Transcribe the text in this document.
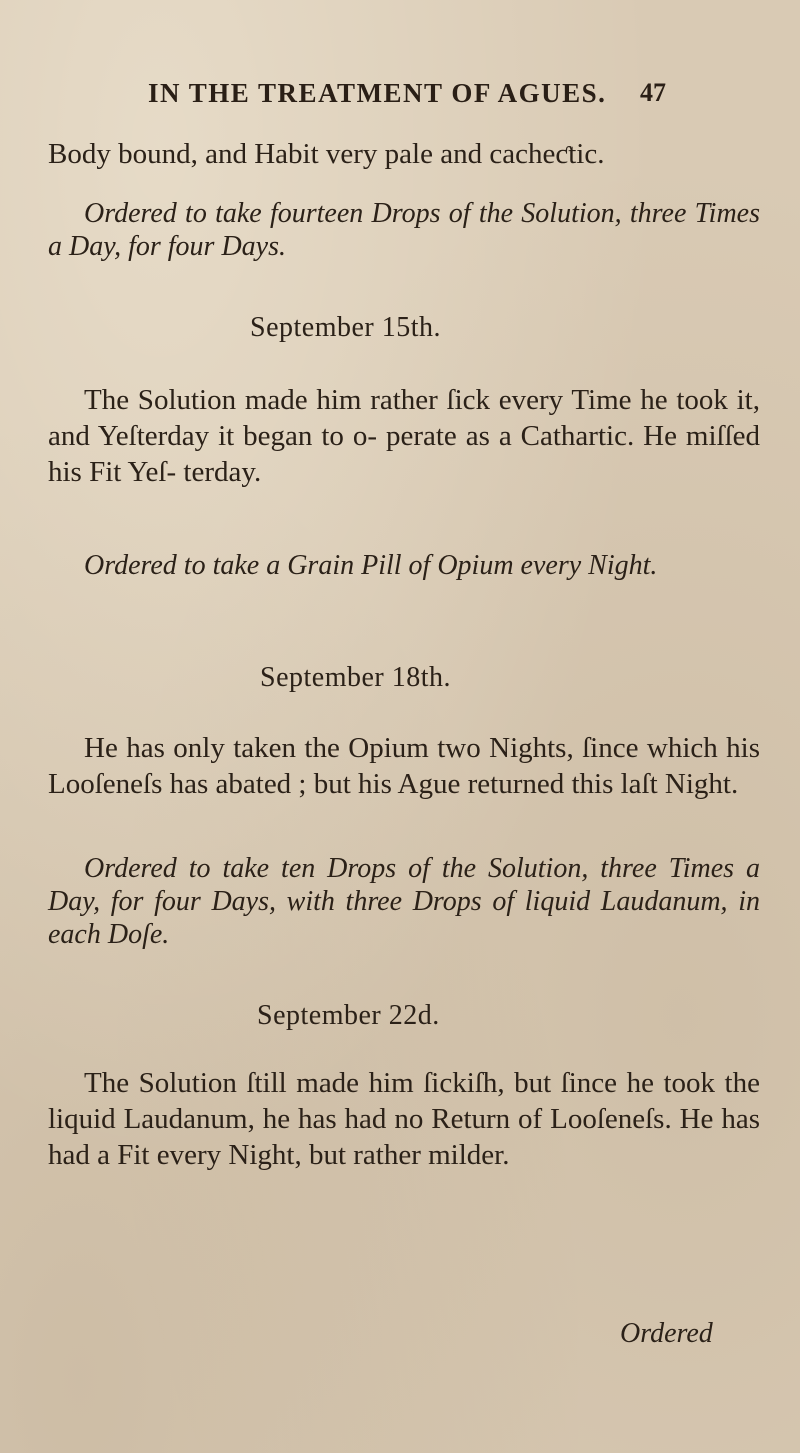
IN THE TREATMENT OF AGUES. 47
Body bound, and Habit very pale and cacheƈtic.
Ordered to take fourteen Drops of the Solution, three Times a Day, for four Days.
September 15th.
The Solution made him rather ſick every Time he took it, and Yeſterday it began to o- perate as a Cathartic. He miſſed his Fit Yeſ- terday.
Ordered to take a Grain Pill of Opium every Night.
September 18th.
He has only taken the Opium two Nights, ſince which his Looſeneſs has abated ; but his Ague returned this laſt Night.
Ordered to take ten Drops of the Solution, three Times a Day, for four Days, with three Drops of liquid Laudanum, in each Doſe.
September 22d.
The Solution ſtill made him ſickiſh, but ſince he took the liquid Laudanum, he has had no Return of Looſeneſs. He has had a Fit every Night, but rather milder.
Ordered
